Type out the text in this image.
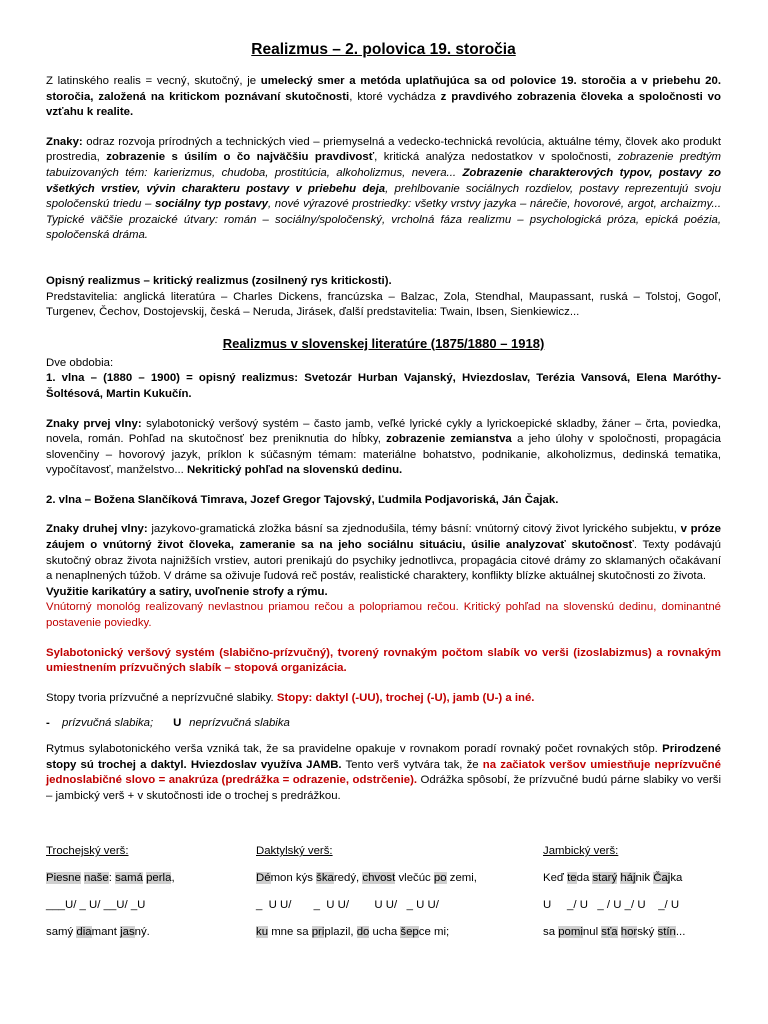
Realizmus – 2. polovica 19. storočia

Z latinského realis = vecný, skutočný, je umelecký smer a metóda uplatňujúca sa od polovice 19. storočia a v priebehu 20. storočia, založená na kritickom poznávaní skutočnosti, ktoré vychádza z pravdivého zobrazenia človeka a spoločnosti vo vzťahu k realite.

Znaky: odraz rozvoja prírodných a technických vied – priemyselná a vedecko-technická revolúcia, aktuálne témy, človek ako produkt prostredia, zobrazenie s úsilím o čo najväčšiu pravdivosť, kritická analýza nedostatkov v spoločnosti, zobrazenie predtým tabuizovaných tém: karierizmus, chudoba, prostitúcia, alkoholizmus, nevera... Zobrazenie charakterových typov, postavy zo všetkých vrstiev, vývin charakteru postavy v priebehu deja, prehlbovanie sociálnych rozdielov, postavy reprezentujú svoju spoločenskú triedu – sociálny typ postavy, nové výrazové prostriedky: všetky vrstvy jazyka – nárečie, hovorové, argot, archaizmy... Typické väčšie prozaické útvary: román – sociálny/spoločenský, vrcholná fáza realizmu – psychologická próza, epická poézia, spoločenská dráma.

Opisný realizmus – kritický realizmus (zosilnený rys kritickosti).

Predstavitelia: anglická literatúra – Charles Dickens, francúzska – Balzac, Zola, Stendhal, Maupassant, ruská – Tolstoj, Gogoľ, Turgenev, Čechov, Dostojevskij, česká – Neruda, Jirásek, ďalší predstavitelia: Twain, Ibsen, Sienkiewicz...

Realizmus v slovenskej literatúre (1875/1880 – 1918)

Dve obdobia:

1. vlna – (1880 – 1900) = opisný realizmus: Svetozár Hurban Vajanský, Hviezdoslav, Terézia Vansová, Elena Maróthy-Šoltésová, Martin Kukučín.

Znaky prvej vlny: sylabotonický veršový systém – často jamb, veľké lyrické cykly a lyrickoepické skladby, žáner – črta, poviedka, novela, román. Pohľad na skutočnosť bez preniknutia do hĺbky, zobrazenie zemianstva a jeho úlohy v spoločnosti, propagácia slovenčiny – hovorový jazyk, príklon k súčasným témam: materiálne bohatstvo, podnikanie, alkoholizmus, dedinská tematika, vypočítavosť, manželstvo... Nekritický pohľad na slovenskú dedinu.

2. vlna – Božena Slančíková Timrava, Jozef Gregor Tajovský, Ľudmila Podjavoriská, Ján Čajak.

Znaky druhej vlny: jazykovo-gramatická zložka básní sa zjednodušila, témy básní: vnútorný citový život lyrického subjektu, v próze záujem o vnútorný život človeka, zameranie sa na jeho sociálnu situáciu, úsilie analyzovať skutočnosť. Texty podávajú skutočný obraz života najnižších vrstiev, autori prenikajú do psychiky jednotlivca, propagácia citové drámy zo sklamaných očakávaní a nenaplnených túžob. V dráme sa oživuje ľudová reč postáv, realistické charaktery, konflikty blízke aktuálnej skutočnosti zo života.

Využitie karikatúry a satiry, uvoľnenie strofy a rýmu.

Vnútorný monológ realizovaný nevlastnou priamou rečou a polopriamou rečou. Kritický pohľad na slovenskú dedinu, dominantné postavenie poviedky.

Sylabotonický veršový systém (slabično-prízvučný), tvorený rovnakým počtom slabík vo verši (izoslabizmus) a rovnakým umiestnením prízvučných slabík – stopová organizácia.

Stopy tvoria prízvučné a neprízvučné slabiky. Stopy: daktyl (-UU), trochej (-U), jamb (U-) a iné.

- prízvučná slabika; U neprízvučná slabika

Rytmus sylabotonického verša vzniká tak, že sa pravidelne opakuje v rovnakom poradí rovnaký počet rovnakých stôp. Prirodzené stopy sú trochej a daktyl. Hviezdoslav využíva JAMB. Tento verš vytvára tak, že na začiatok veršov umiestňuje neprízvučné jednoslabičné slovo = anakrúza (predrážka = odrazenie, odstrčenie). Odrážka spôsobí, že prízvučné budú párne slabiky vo verši – jambický verš + v skutočnosti ide o trochej s predrážkou.

Trochejský verš:
Piesne naše: samá perla,
___U/ _ U/ __U/ _U
samý diamant jasný.
Daktylský verš:
Démon kýs škaredý, chvost vlečúc po zemi,
_  U U/       _  U U/        U U/   _ U U/
ku mne sa priplazil, do ucha šepce mi;
Jambický verš:
Keď teda starý hájnik Čajka
U     _/ U   _ / U _/ U    _/ U
sa pominul sťa horský stín...
